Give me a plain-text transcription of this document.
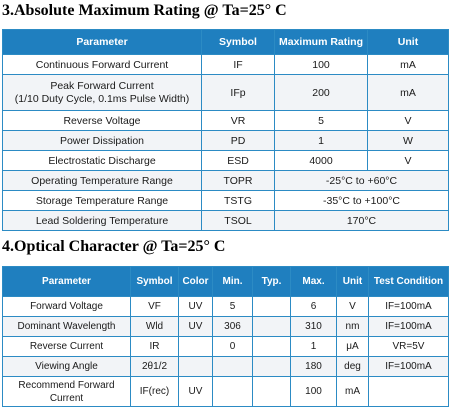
3.Absolute Maximum Rating @ Ta=25° C
Parameter	Symbol	Maximum Rating	Unit
Continuous Forward Current	IF	100	mA

Peak Forward Current
(1/10 Duty Cycle, 0.1ms Pulse Width)	IFp	200	mA
Reverse Voltage	VR	5	V
Power Dissipation	PD	1	W
Electrostatic Discharge	ESD	4000	V
Operating Temperature Range	TOPR	-25°C to +60°C	
Storage Temperature Range	TSTG	-35°C to +100°C	
Lead Soldering Temperature	TSOL	170°C	
4.Optical Character @ Ta=25° C
Parameter	Symbol	Color	Min.	Typ.	Max.	Unit	Test Condition
Forward Voltage	VF	UV	5		6	V	IF=100mA
Dominant Wavelength	Wld	UV	306		310	nm	IF=100mA
Reverse Current	IR		0		1	μA	VR=5V
Viewing Angle	2θ1/2				180	deg	IF=100mA
Recommend Forward Current	IF(rec)	UV			100	mA	
